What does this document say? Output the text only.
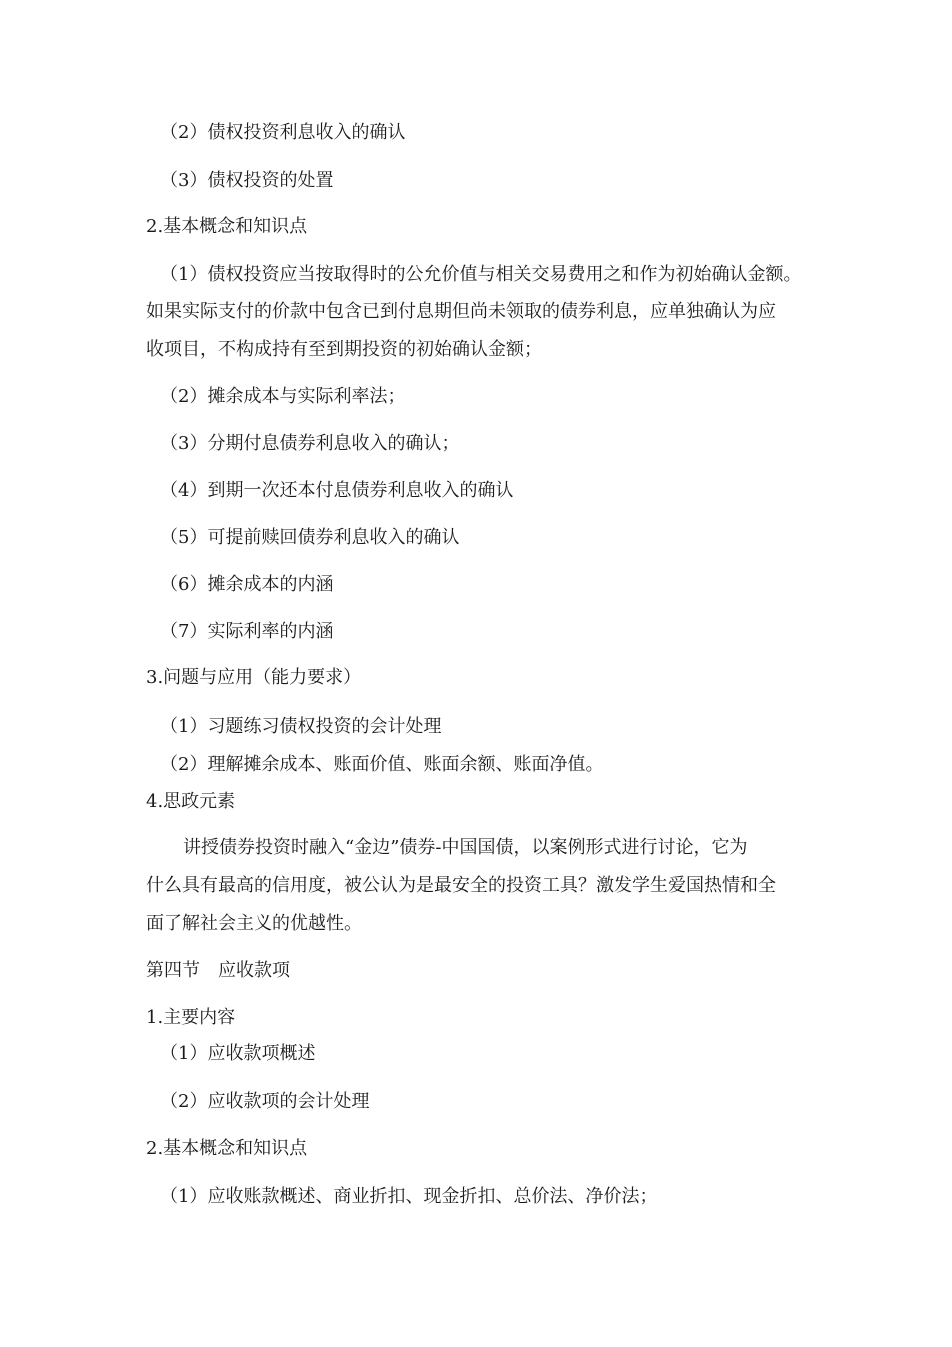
（2）债权投资利息收入的确认
（3）债权投资的处置
2.基本概念和知识点
（1）债权投资应当按取得时的公允价值与相关交易费用之和作为初始确认金额。
如果实际支付的价款中包含已到付息期但尚未领取的债券利息，应单独确认为应
收项目，不构成持有至到期投资的初始确认金额；
（2）摊余成本与实际利率法；
（3）分期付息债券利息收入的确认；
（4）到期一次还本付息债券利息收入的确认
（5）可提前赎回债券利息收入的确认
（6）摊余成本的内涵
（7）实际利率的内涵
3.问题与应用（能力要求）
（1）习题练习债权投资的会计处理
（2）理解摊余成本、账面价值、账面余额、账面净值。
4.思政元素
讲授债券投资时融入“金边”债券-中国国债，以案例形式进行讨论，它为
什么具有最高的信用度，被公认为是最安全的投资工具？激发学生爱国热情和全
面了解社会主义的优越性。
第四节　应收款项
1.主要内容
（1）应收款项概述
（2）应收款项的会计处理
2.基本概念和知识点
（1）应收账款概述、商业折扣、现金折扣、总价法、净价法；
